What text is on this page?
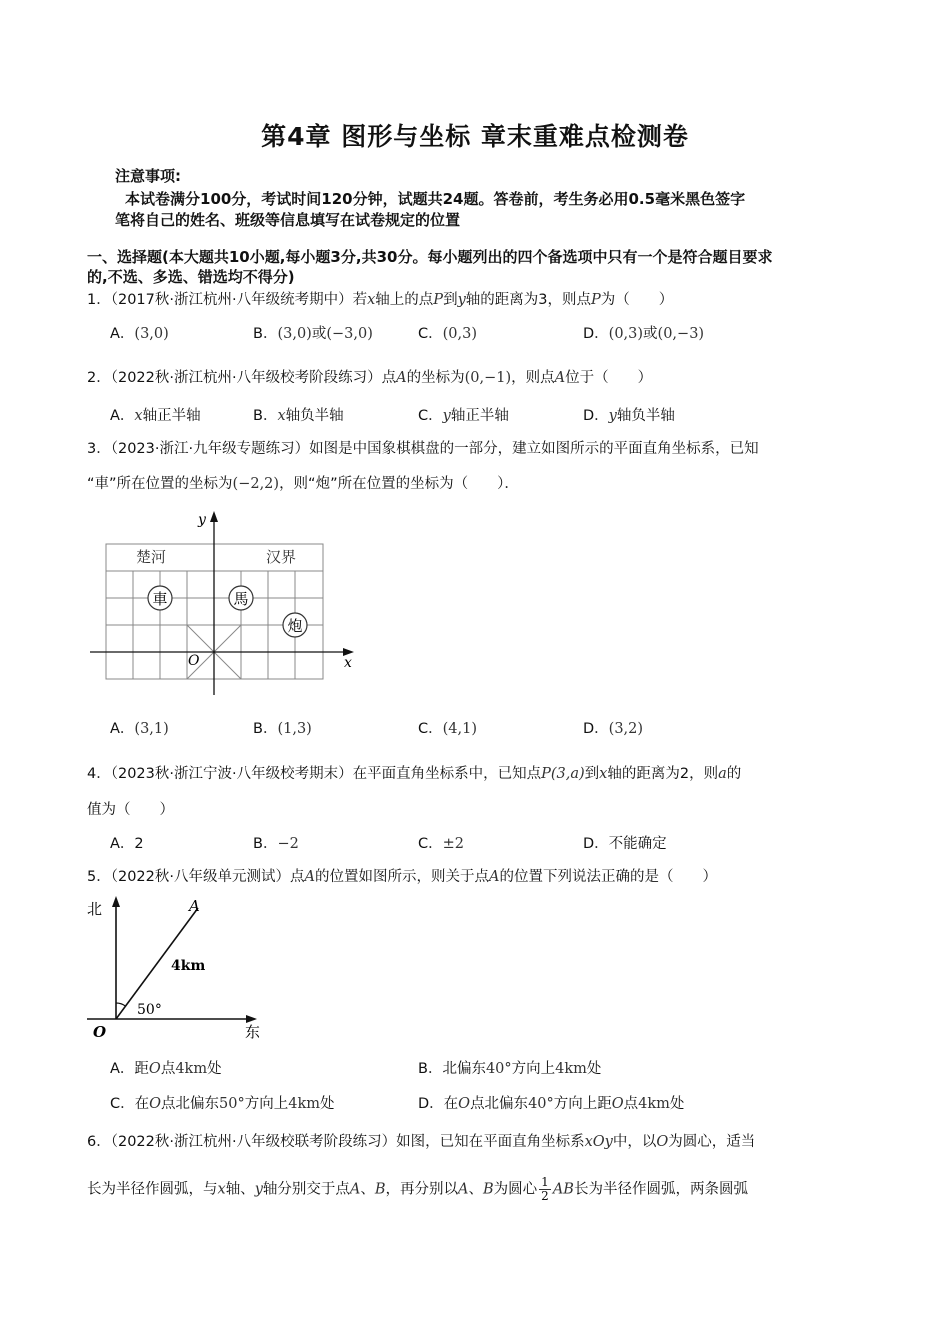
第4章 图形与坐标 章末重难点检测卷
注意事项:
本试卷满分100分，考试时间120分钟，试题共24题。答卷前，考生务必用0.5毫米黑色签字
笔将自己的姓名、班级等信息填写在试卷规定的位置
一、选择题(本大题共10小题,每小题3分,共30分。每小题列出的四个备选项中只有一个是符合题目要求
的,不选、多选、错选均不得分)
1．（2017秋·浙江杭州·八年级统考期中）若x轴上的点P到y轴的距离为3，则点P为（　　）
A．(3,0)	B．(3,0)或(−3,0)	C．(0,3)	D．(0,3)或(0,−3)
2．（2022秋·浙江杭州·八年级校考阶段练习）点A的坐标为(0,−1)，则点A位于（　　）
A．x轴正半轴	B．x轴负半轴	C．y轴正半轴	D．y轴负半轴
3．（2023·浙江·九年级专题练习）如图是中国象棋棋盘的一部分，建立如图所示的平面直角坐标系，已知
“車”所在位置的坐标为(−2,2)，则“炮”所在位置的坐标为（　　）．
x
y
O
楚河	汉界
車	馬
炮
A．(3,1)	B．(1,3)	C．(4,1)	D．(3,2)
4．（2023秋·浙江宁波·八年级校考期末）在平面直角坐标系中，已知点P(3,a)到x轴的距离为2，则a的
值为（　　）
A．2	B．−2	C．±2	D．不能确定
5．（2022秋·八年级单元测试）点A的位置如图所示，则关于点A的位置下列说法正确的是（　　）
北
东
O
A
4km
50°
A．距O点4km处	B．北偏东40°方向上4km处
C．在O点北偏东50°方向上4km处	D．在O点北偏东40°方向上距O点4km处
6．（2022秋·浙江杭州·八年级校联考阶段练习）如图，已知在平面直角坐标系xOy中，以O为圆心，适当
长为半径作圆弧，与x轴、y轴分别交于点A、B，再分别以A、B为圆心 $\frac{1}{2}$ AB长为半径作圆弧，两条圆弧
